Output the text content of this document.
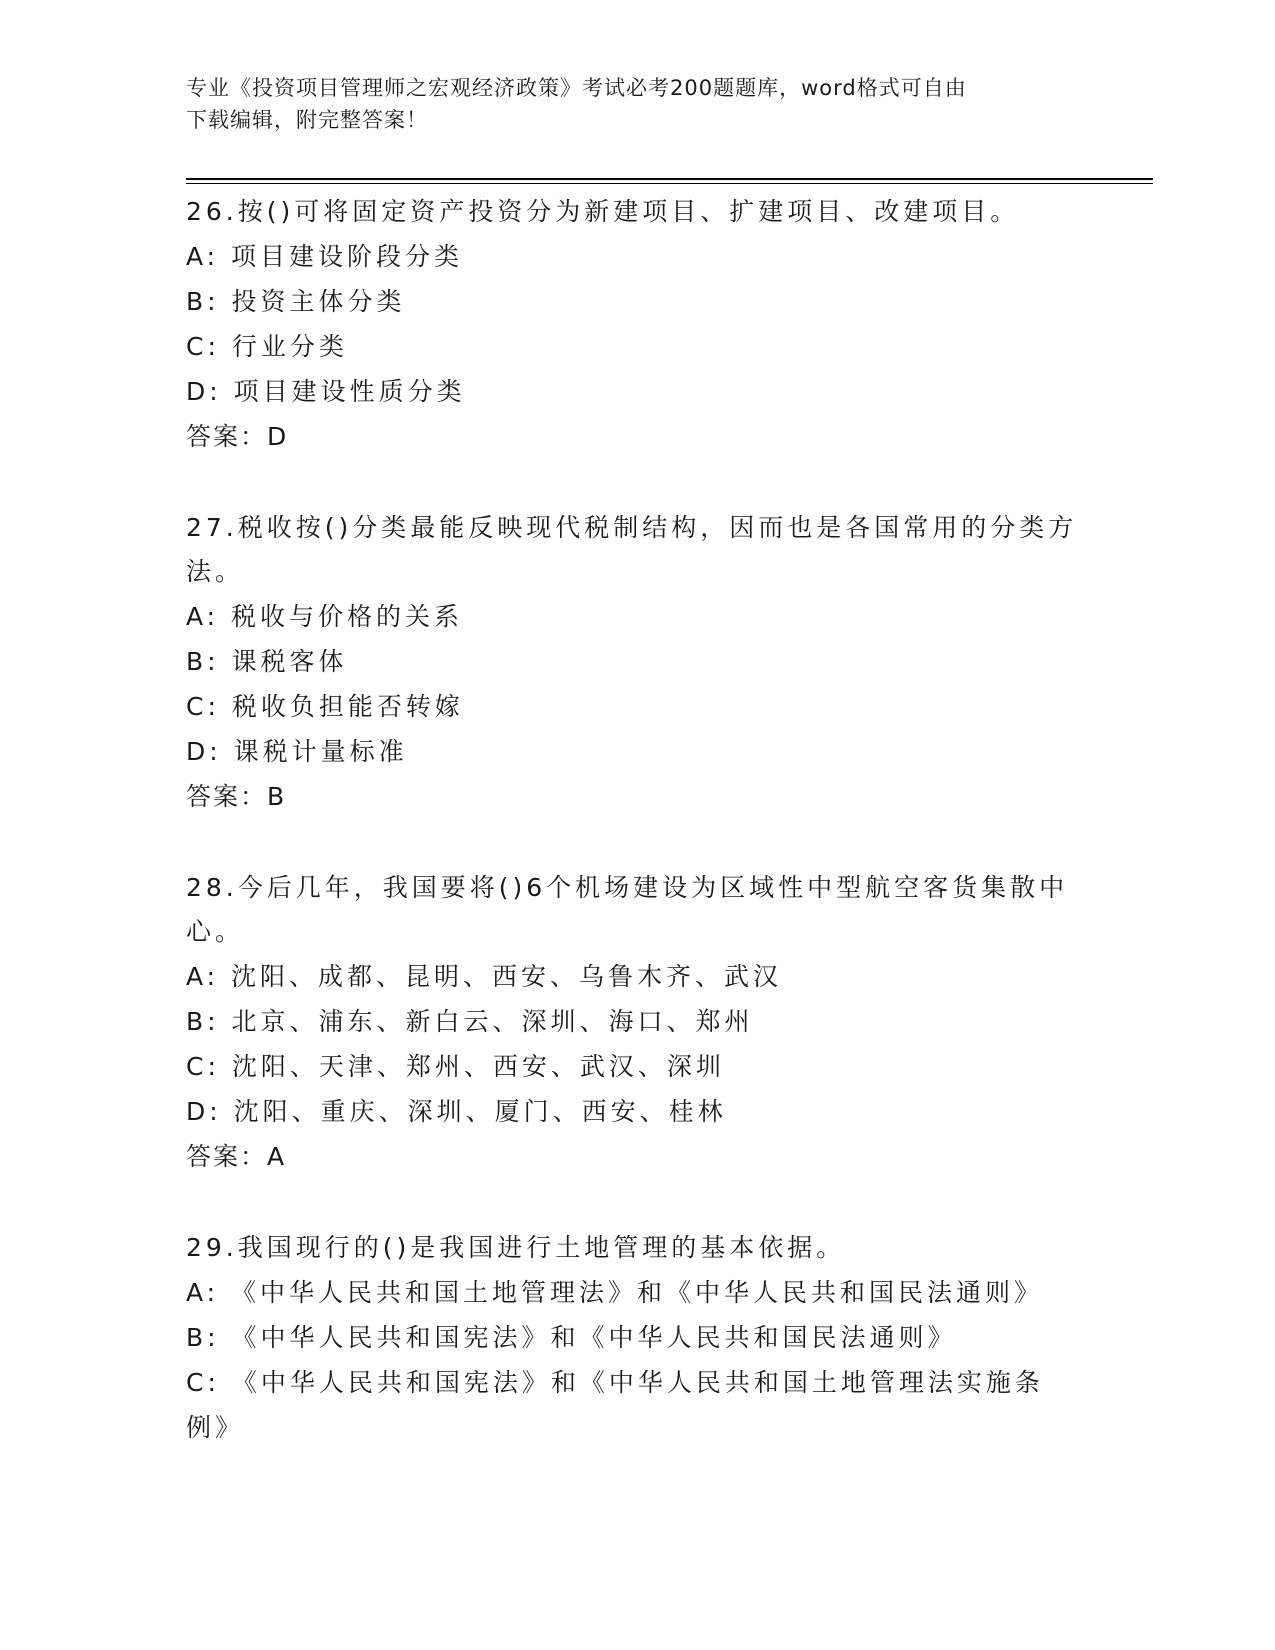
专业《投资项目管理师之宏观经济政策》考试必考200题题库，word格式可自由
下载编辑，附完整答案！
26.按()可将固定资产投资分为新建项目、扩建项目、改建项目。
A: 项目建设阶段分类
B: 投资主体分类
C: 行业分类
D: 项目建设性质分类
答案：D
27.税收按()分类最能反映现代税制结构，因而也是各国常用的分类方法。
A: 税收与价格的关系
B: 课税客体
C: 税收负担能否转嫁
D: 课税计量标准
答案：B
28.今后几年，我国要将()6个机场建设为区域性中型航空客货集散中心。
A: 沈阳、成都、昆明、西安、乌鲁木齐、武汉
B: 北京、浦东、新白云、深圳、海口、郑州
C: 沈阳、天津、郑州、西安、武汉、深圳
D: 沈阳、重庆、深圳、厦门、西安、桂林
答案：A
29.我国现行的()是我国进行土地管理的基本依据。
A: 《中华人民共和国土地管理法》和《中华人民共和国民法通则》
B: 《中华人民共和国宪法》和《中华人民共和国民法通则》
C: 《中华人民共和国宪法》和《中华人民共和国土地管理法实施条例》
